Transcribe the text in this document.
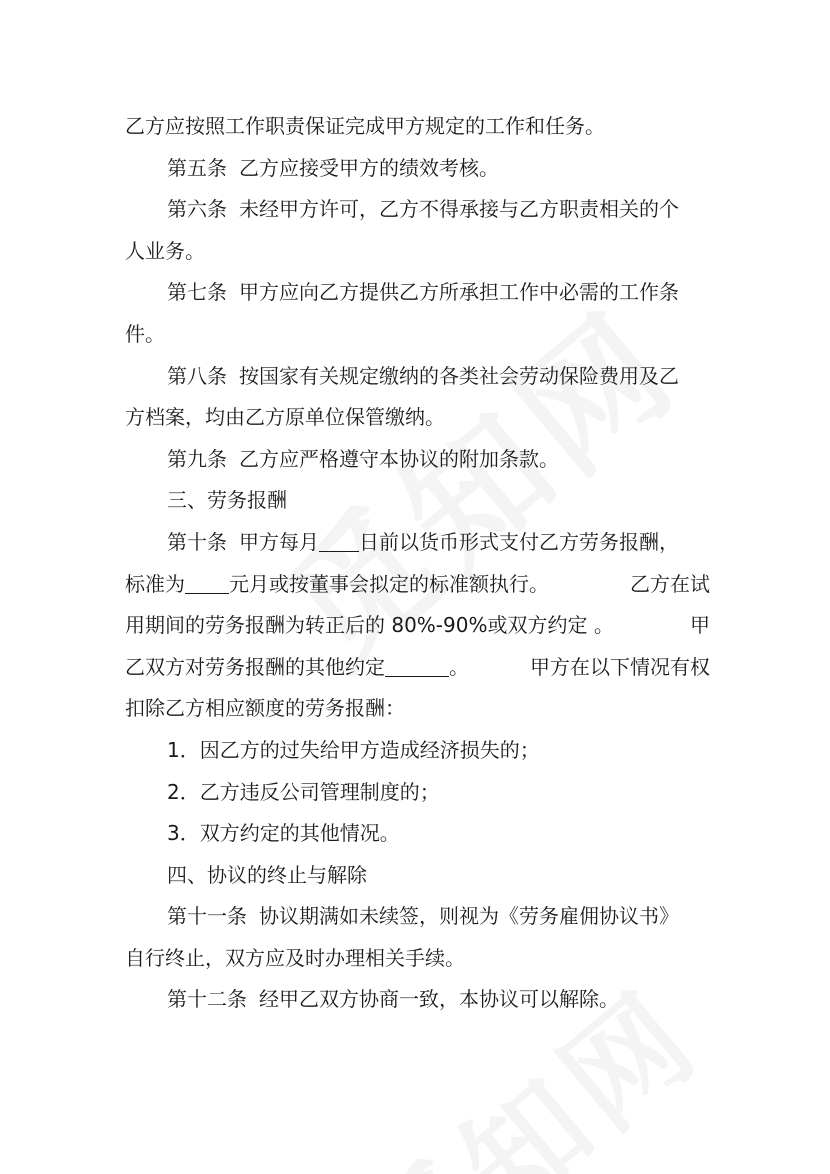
乙方应按照工作职责保证完成甲方规定的工作和任务。
第五条 乙方应接受甲方的绩效考核。
第六条 未经甲方许可，乙方不得承接与乙方职责相关的个
人业务。
第七条 甲方应向乙方提供乙方所承担工作中必需的工作条
件。
第八条 按国家有关规定缴纳的各类社会劳动保险费用及乙
方档案，均由乙方原单位保管缴纳。
第九条 乙方应严格遵守本协议的附加条款。
三、劳务报酬
第十条 甲方每月 日前以货币形式支付乙方劳务报酬，
标准为 元月或按董事会拟定的标准额执行。	乙方在试
用期间的劳务报酬为转正后的 80%-90%或双方约定 。	甲
乙双方对劳务报酬的其他约定	。	甲方在以下情况有权
扣除乙方相应额度的劳务报酬：
1．因乙方的过失给甲方造成经济损失的；
2．乙方违反公司管理制度的；
3．双方约定的其他情况。
四、协议的终止与解除
第十一条 协议期满如未续签，则视为《劳务雇佣协议书》
自行终止，双方应及时办理相关手续。
第十二条 经甲乙双方协商一致，本协议可以解除。
